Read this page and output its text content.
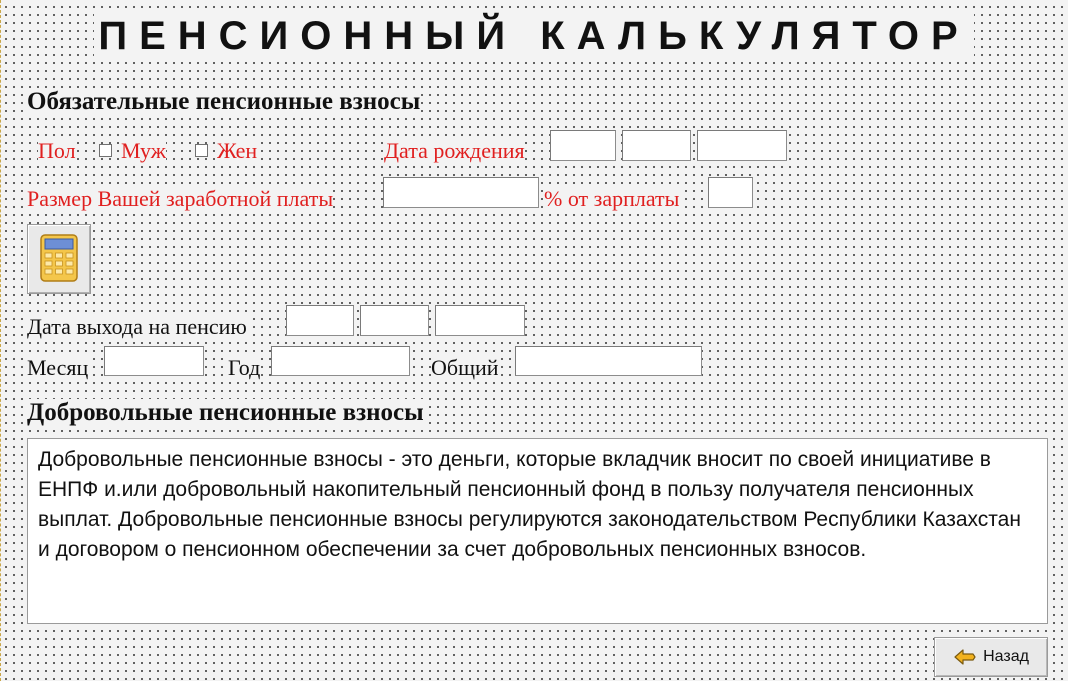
ПЕНСИОННЫЙ КАЛЬКУЛЯТОР
Обязательные пенсионные взносы
Пол Муж Жен	Дата рождения
Размер Вашей заработной платы	% от зарплаты
Дата выхода на пенсию
Месяц	Год	Общий
Добровольные пенсионные взносы
Добровольные пенсионные взносы - это деньги, которые вкладчик вносит по своей инициативе в ЕНПФ и.или добровольный накопительный пенсионный фонд в пользу получателя пенсионных выплат. Добровольные пенсионные взносы регулируются законодательством Республики Казахстан и договором о пенсионном обеспечении за счет добровольных пенсионных взносов.
Назад
